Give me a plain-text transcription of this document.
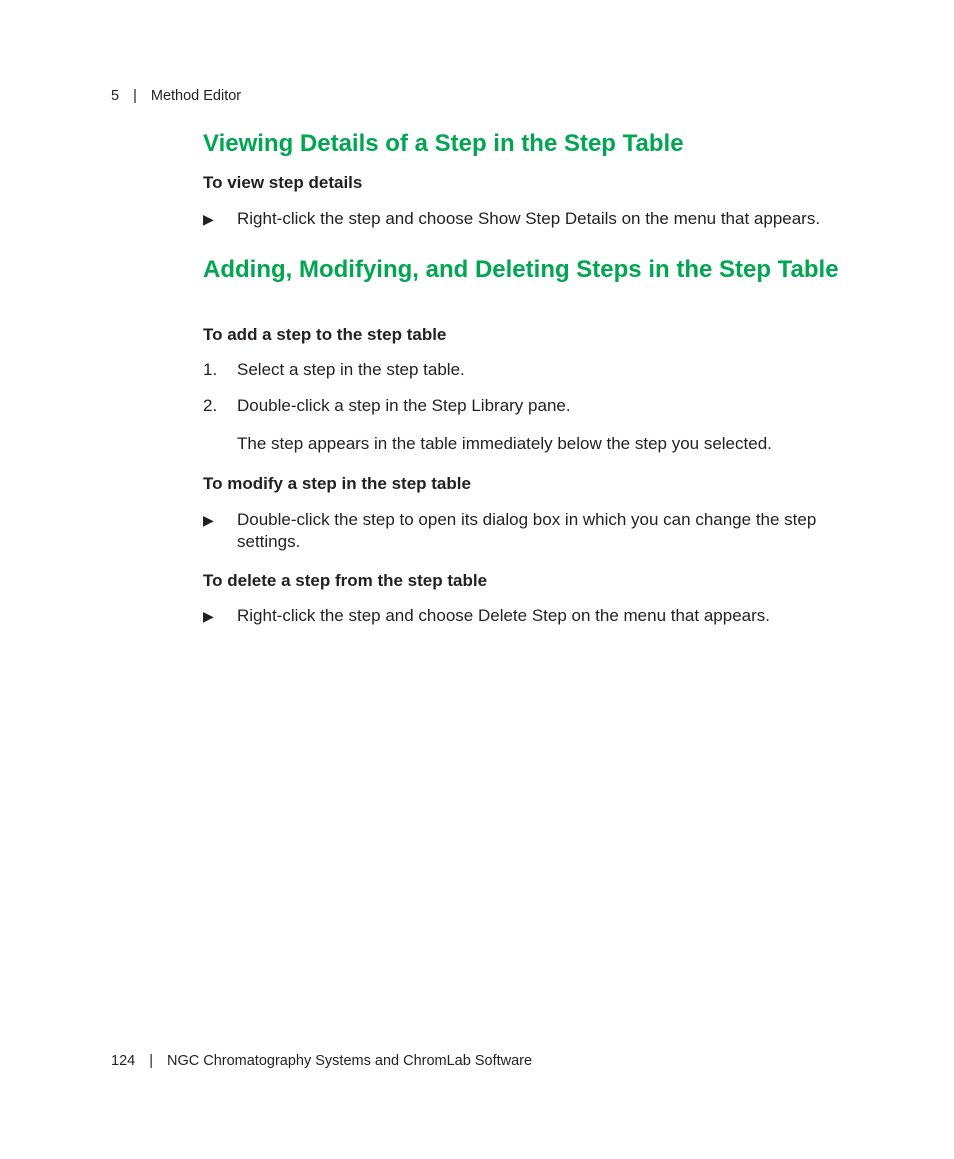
5 | Method Editor
Viewing Details of a Step in the Step Table
To view step details
▶	Right-click the step and choose Show Step Details on the menu that appears.
Adding, Modifying, and Deleting Steps in the Step Table
To add a step to the step table
1.	Select a step in the step table.
2.	Double-click a step in the Step Library pane.
The step appears in the table immediately below the step you selected.
To modify a step in the step table
▶	Double-click the step to open its dialog box in which you can change the step settings.
To delete a step from the step table
▶	Right-click the step and choose Delete Step on the menu that appears.
124 | NGC Chromatography Systems and ChromLab Software
